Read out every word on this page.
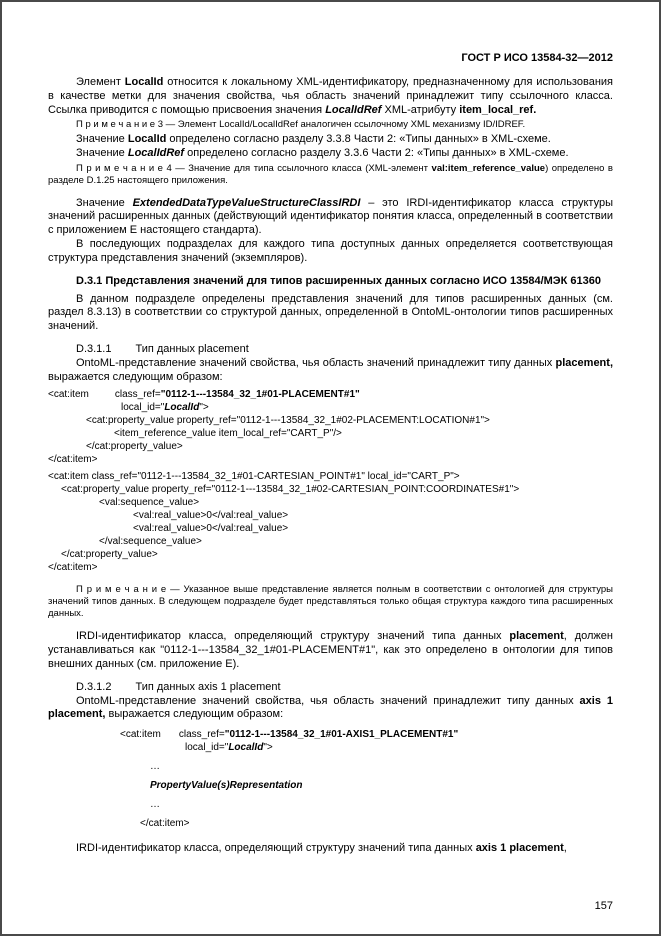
ГОСТ Р ИСО 13584-32—2012

Элемент LocalId относится к локальному XML-идентификатору, предназначенному для использования в качестве метки для значения свойства, чья область значений принадлежит типу ссылочного класса. Ссылка приводится с помощью присвоения значения LocalIdRef XML-атрибуту item_local_ref.

П р и м е ч а н и е 3 — Элемент LocalId/LocalIdRef аналогичен ссылочному XML механизму ID/IDREF.

Значение LocalId определено согласно разделу 3.3.8 Части 2: «Типы данных» в XML-схеме.

Значение LocalIdRef определено согласно разделу 3.3.6 Части 2: «Типы данных» в XML-схеме.

П р и м е ч а н и е 4 — Значение для типа ссылочного класса (XML-элемент val:item_reference_value) определено в разделе D.1.25 настоящего приложения.

Значение ExtendedDataTypeValueStructureClassIRDI – это IRDI-идентификатор класса структуры значений расширенных данных (действующий идентификатор понятия класса, определенный в соответствии с приложением E настоящего стандарта).

В последующих подразделах для каждого типа доступных данных определяется соответствующая структура представления значений (экземпляров).

D.3.1 Представления значений для типов расширенных данных согласно ИСО 13584/МЭК 61360

В данном подразделе определены представления значений для типов расширенных данных (см. раздел 8.3.13) в соответствии со структурой данных, определенной в OntoML-онтологии типов расширенных значений.

D.3.1.1 Тип данных placement

OntoML-представление значений свойства, чья область значений принадлежит типу данных placement, выражается следующим образом:

<cat:item	class_ref="0112-1---13584_32_1#01-PLACEMENT#1"
local_id="LocalId">
<cat:property_value property_ref="0112-1---13584_32_1#02-PLACEMENT:LOCATION#1">
<item_reference_value item_local_ref="CART_P"/>
</cat:property_value>
</cat:item>
<cat:item class_ref="0112-1---13584_32_1#01-CARTESIAN_POINT#1" local_id="CART_P">
<cat:property_value property_ref="0112-1---13584_32_1#02-CARTESIAN_POINT:COORDINATES#1">
<val:sequence_value>
<val:real_value>0</val:real_value>
<val:real_value>0</val:real_value>
</val:sequence_value>
</cat:property_value>
</cat:item>

П р и м е ч а н и е — Указанное выше представление является полным в соответствии с онтологией для структуры значений типов данных. В следующем подразделе будет представляться только общая структура каждого типа расширенных данных.

IRDI-идентификатор класса, определяющий структуру значений типа данных placement, должен устанавливаться как "0112-1---13584_32_1#01-PLACEMENT#1", как это определено в онтологии для типов внешних данных (см. приложение E).

D.3.1.2 Тип данных axis 1 placement

OntoML-представление значений свойства, чья область значений принадлежит типу данных axis 1 placement, выражается следующим образом:

<cat:item class_ref="0112-1---13584_32_1#01-AXIS1_PLACEMENT#1"
local_id="LocalId">
…
PropertyValue(s)Representation
…
</cat:item>

IRDI-идентификатор класса, определяющий структуру значений типа данных axis 1 placement,

157
